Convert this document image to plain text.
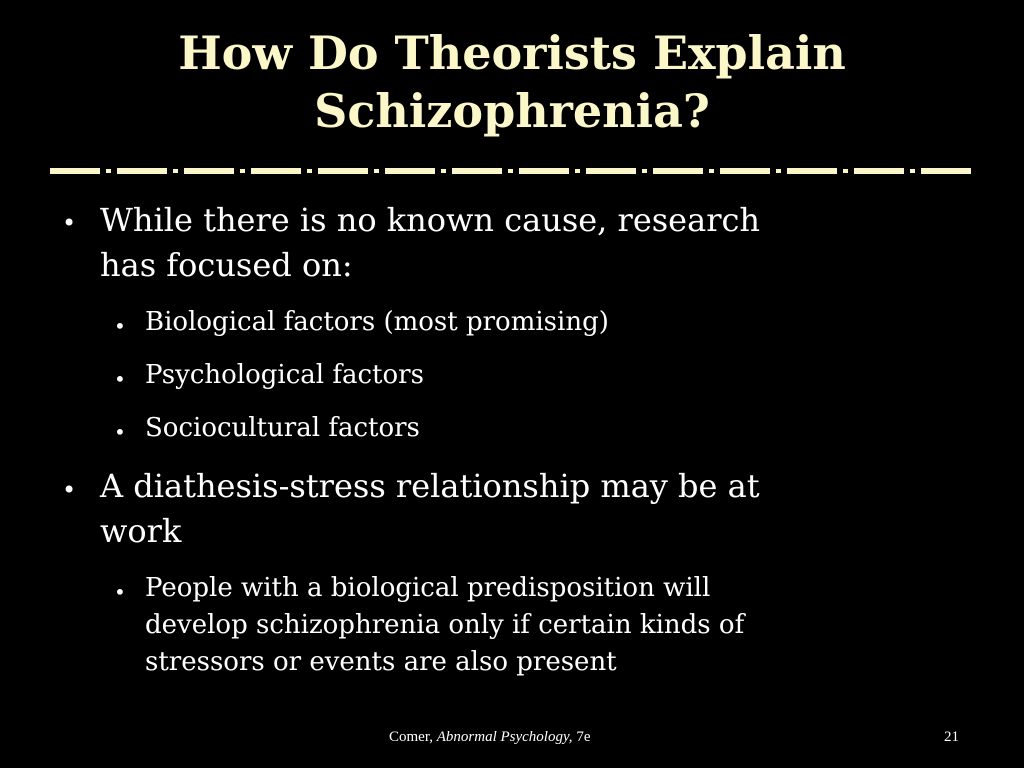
How Do Theorists Explain
Schizophrenia?
• While there is no known cause, research
has focused on:
• Biological factors (most promising)
• Psychological factors
• Sociocultural factors
• A diathesis-stress relationship may be at
work
• People with a biological predisposition will
develop schizophrenia only if certain kinds of
stressors or events are also present
Comer, Abnormal Psychology, 7e	21
